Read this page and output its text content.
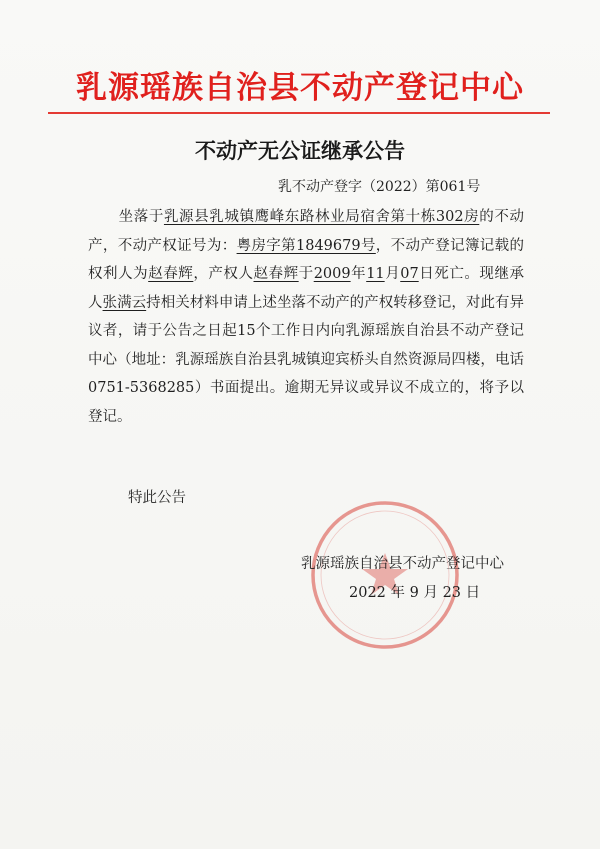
乳源瑶族自治县不动产登记中心
不动产无公证继承公告
乳不动产登字（2022）第061号
坐落于乳源县乳城镇鹰峰东路林业局宿舍第十栋302房的不动产，不动产权证号为：粤房字第1849679号，不动产登记簿记载的权利人为赵春辉，产权人赵春辉于2009年11月07日死亡。现继承人张满云持相关材料申请上述坐落不动产的产权转移登记，对此有异议者，请于公告之日起15个工作日内向乳源瑶族自治县不动产登记中心（地址：乳源瑶族自治县乳城镇迎宾桥头自然资源局四楼，电话0751-5368285）书面提出。逾期无异议或异议不成立的，将予以登记。
特此公告
乳源瑶族自治县不动产登记中心
2022 年 9 月 23 日
